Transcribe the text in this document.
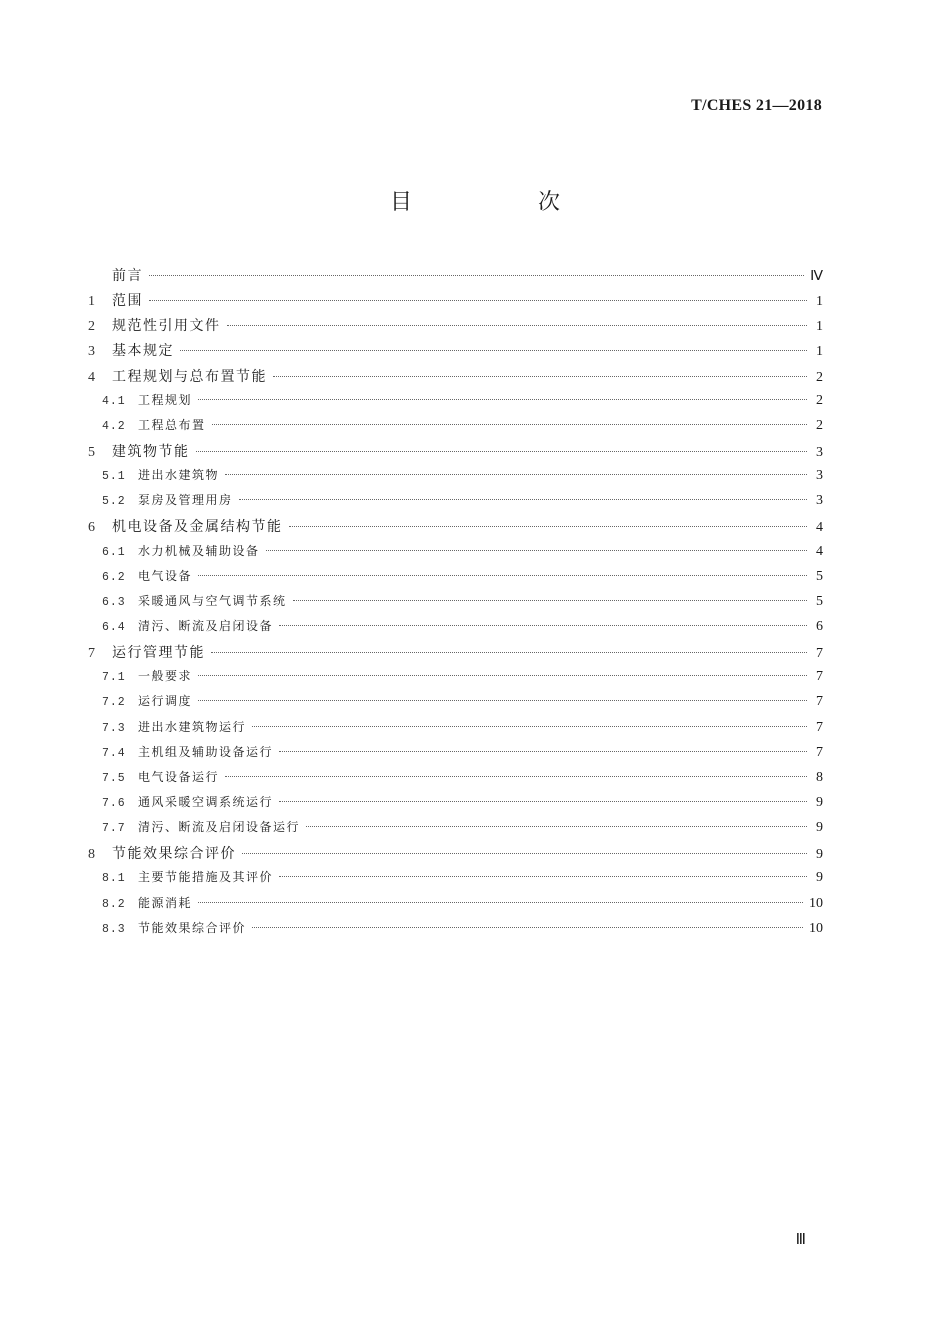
T/CHES 21—2018
目　次
前言	Ⅳ
1	范围	1
2	规范性引用文件	1
3	基本规定	1
4	工程规划与总布置节能	2
4.1	工程规划	2
4.2	工程总布置	2
5	建筑物节能	3
5.1	进出水建筑物	3
5.2	泵房及管理用房	3
6	机电设备及金属结构节能	4
6.1	水力机械及辅助设备	4
6.2	电气设备	5
6.3	采暖通风与空气调节系统	5
6.4	清污、断流及启闭设备	6
7	运行管理节能	7
7.1	一般要求	7
7.2	运行调度	7
7.3	进出水建筑物运行	7
7.4	主机组及辅助设备运行	7
7.5	电气设备运行	8
7.6	通风采暖空调系统运行	9
7.7	清污、断流及启闭设备运行	9
8	节能效果综合评价	9
8.1	主要节能措施及其评价	9
8.2	能源消耗	10
8.3	节能效果综合评价	10
Ⅲ
